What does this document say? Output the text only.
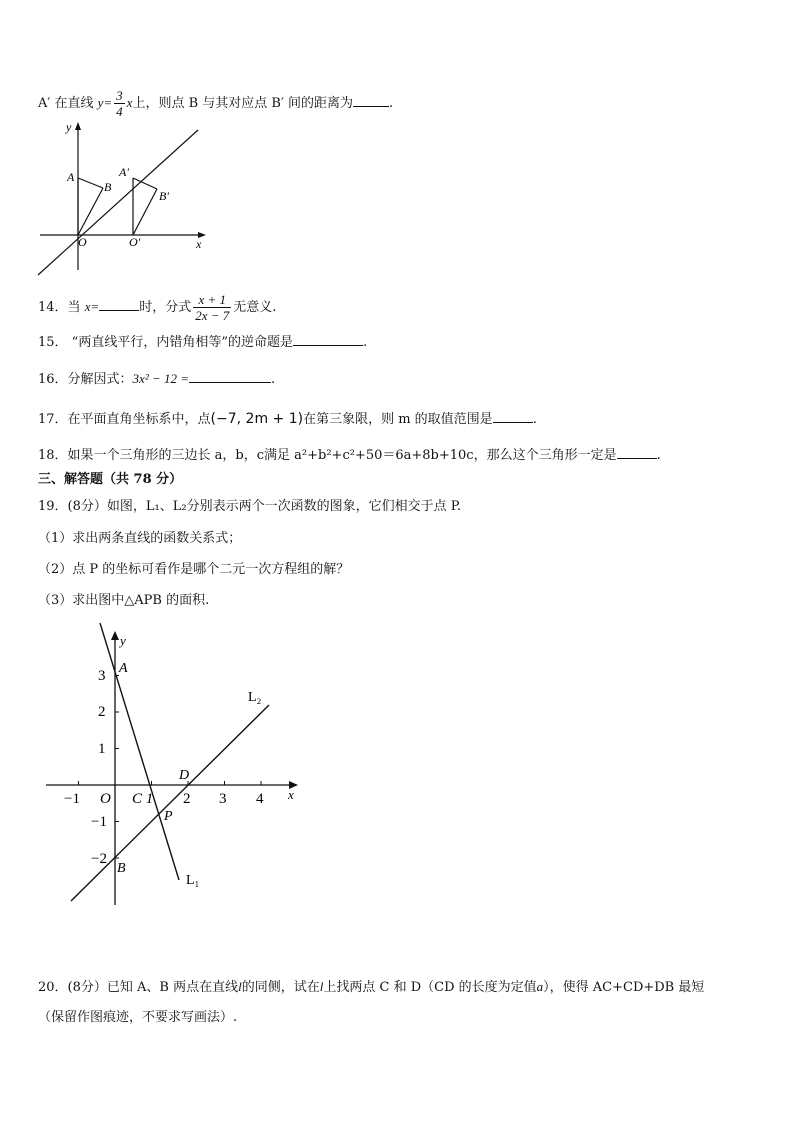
A′ 在直线 $y= \frac{3}{4}$ x上，则点 B 与其对应点 B′ 间的距离为	.
y
x
A
B
A′
B′
O	O′
14．当 x=	时，分式 $\frac{x + 1}{2x - 7}$ 无意义.
15． “两直线平行，内错角相等”的逆命题是	.
16．分解因式：3x² − 12 =	.
17．在平面直角坐标系中，点(−7, 2m + 1)在第三象限，则 m 的取值范围是	.
18．如果一个三角形的三边长 a，b，c满足 a²+b²+c²+50＝6a+8b+10c，那么这个三角形一定是	.
三、解答题（共 78 分）
19．(8分）如图，L₁、L₂分别表示两个一次函数的图象，它们相交于点 P.
（1）求出两条直线的函数关系式；
（2）点 P 的坐标可看作是哪个二元一次方程组的解？
（3）求出图中△APB 的面积.
y
x
3 A
2
1
−1 O C 1 2 3 4
D
−1	P
−2
B
L₁
L₂
20．(8分）已知 A、B 两点在直线l的同侧，试在l上找两点 C 和 D（CD 的长度为定值a），使得 AC+CD+DB 最短
（保留作图痕迹，不要求写画法）.
